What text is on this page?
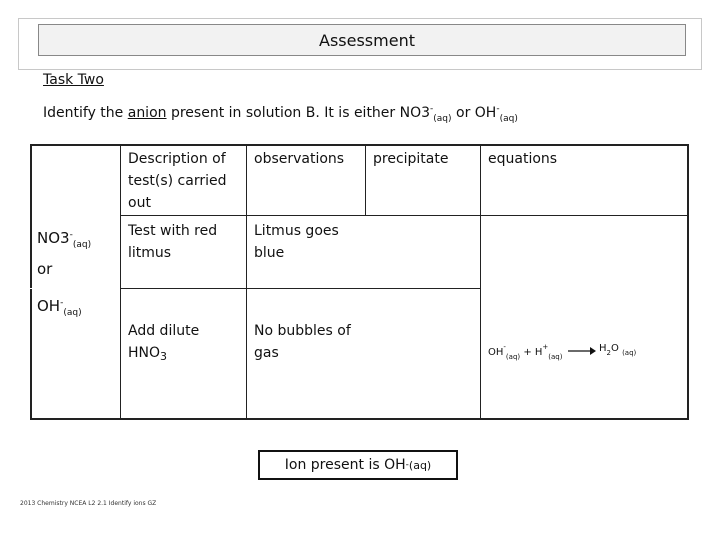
Assessment
Task Two
Identify the anion present in solution B. It is either $NO3^-_{(aq)}$ or $OH^-_{(aq)}$
Description of test(s) carried out
observations precipitate	equations
$NO3^-_{(aq)}$
or
$OH^-_{(aq)}$
Test with red litmus
Litmus goes blue
Add dilute $HNO_3$
No bubbles of gas	$OH^-_{(aq)} + H^+_{(aq)}$
→ $H_2O$ $_{(aq)}$
Ion present is OH - (aq)
2013 Chemistry NCEA L2 2.1 Identify ions GZ
